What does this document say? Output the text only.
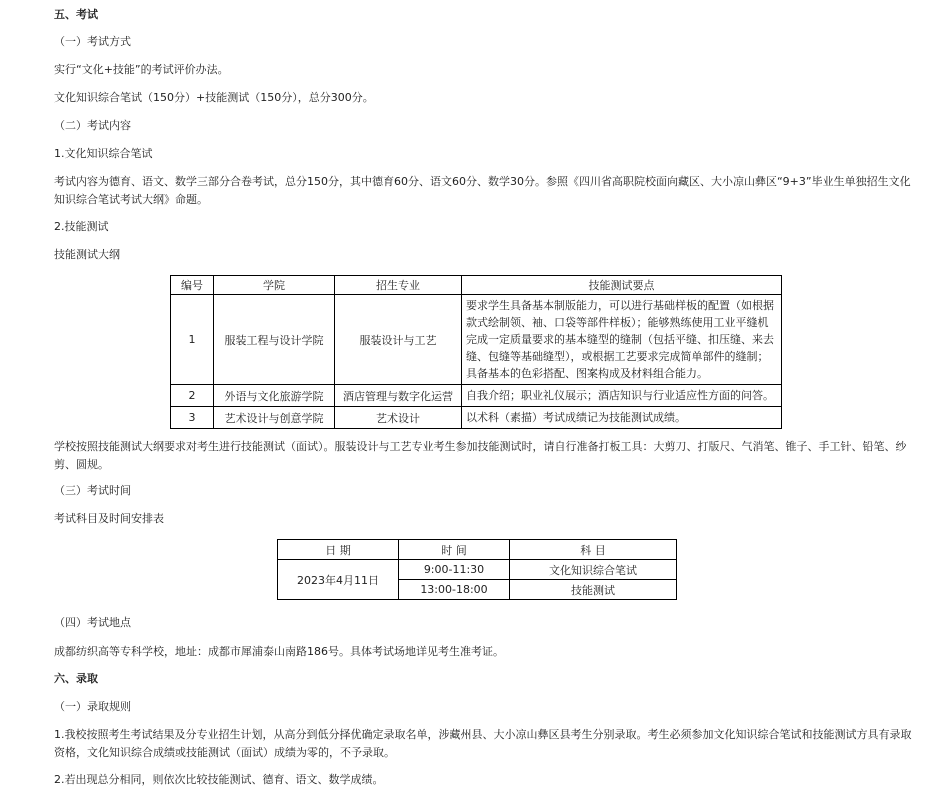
五、考试
（一）考试方式
实行“文化+技能”的考试评价办法。
文化知识综合笔试（150分）+技能测试（150分），总分300分。
（二）考试内容
1.文化知识综合笔试
考试内容为德育、语文、数学三部分合卷考试，总分150分，其中德育60分、语文60分、数学30分。参照《四川省高职院校面向藏区、大小凉山彝区“9+3”毕业生单独招生文化知识综合笔试考试大纲》命题。
2.技能测试
技能测试大纲
编号	学院	招生专业	技能测试要点
1	服装工程与设计学院	服装设计与工艺	要求学生具备基本制版能力，可以进行基础样板的配置（如根据款式绘制领、袖、口袋等部件样板）；能够熟练使用工业平缝机完成一定质量要求的基本缝型的缝制（包括平缝、扣压缝、来去缝、包缝等基础缝型），或根据工艺要求完成简单部件的缝制；具备基本的色彩搭配、图案构成及材料组合能力。
2	外语与文化旅游学院	酒店管理与数字化运营	自我介绍；职业礼仪展示；酒店知识与行业适应性方面的问答。
3	艺术设计与创意学院	艺术设计	以术科（素描）考试成绩记为技能测试成绩。
学校按照技能测试大纲要求对考生进行技能测试（面试）。服装设计与工艺专业考生参加技能测试时，请自行准备打板工具：大剪刀、打版尺、气消笔、锥子、手工针、铅笔、纱剪、圆规。
（三）考试时间
考试科目及时间安排表
日 期	时 间	科 目
2023年4月11日	9:00-11:30	文化知识综合笔试
	13:00-18:00	技能测试
（四）考试地点
成都纺织高等专科学校，地址：成都市犀浦泰山南路186号。具体考试场地详见考生准考证。
六、录取
（一）录取规则
1.我校按照考生考试结果及分专业招生计划，从高分到低分择优确定录取名单，涉藏州县、大小凉山彝区县考生分别录取。考生必须参加文化知识综合笔试和技能测试方具有录取资格，文化知识综合成绩或技能测试（面试）成绩为零的，不予录取。
2.若出现总分相同，则依次比较技能测试、德育、语文、数学成绩。
